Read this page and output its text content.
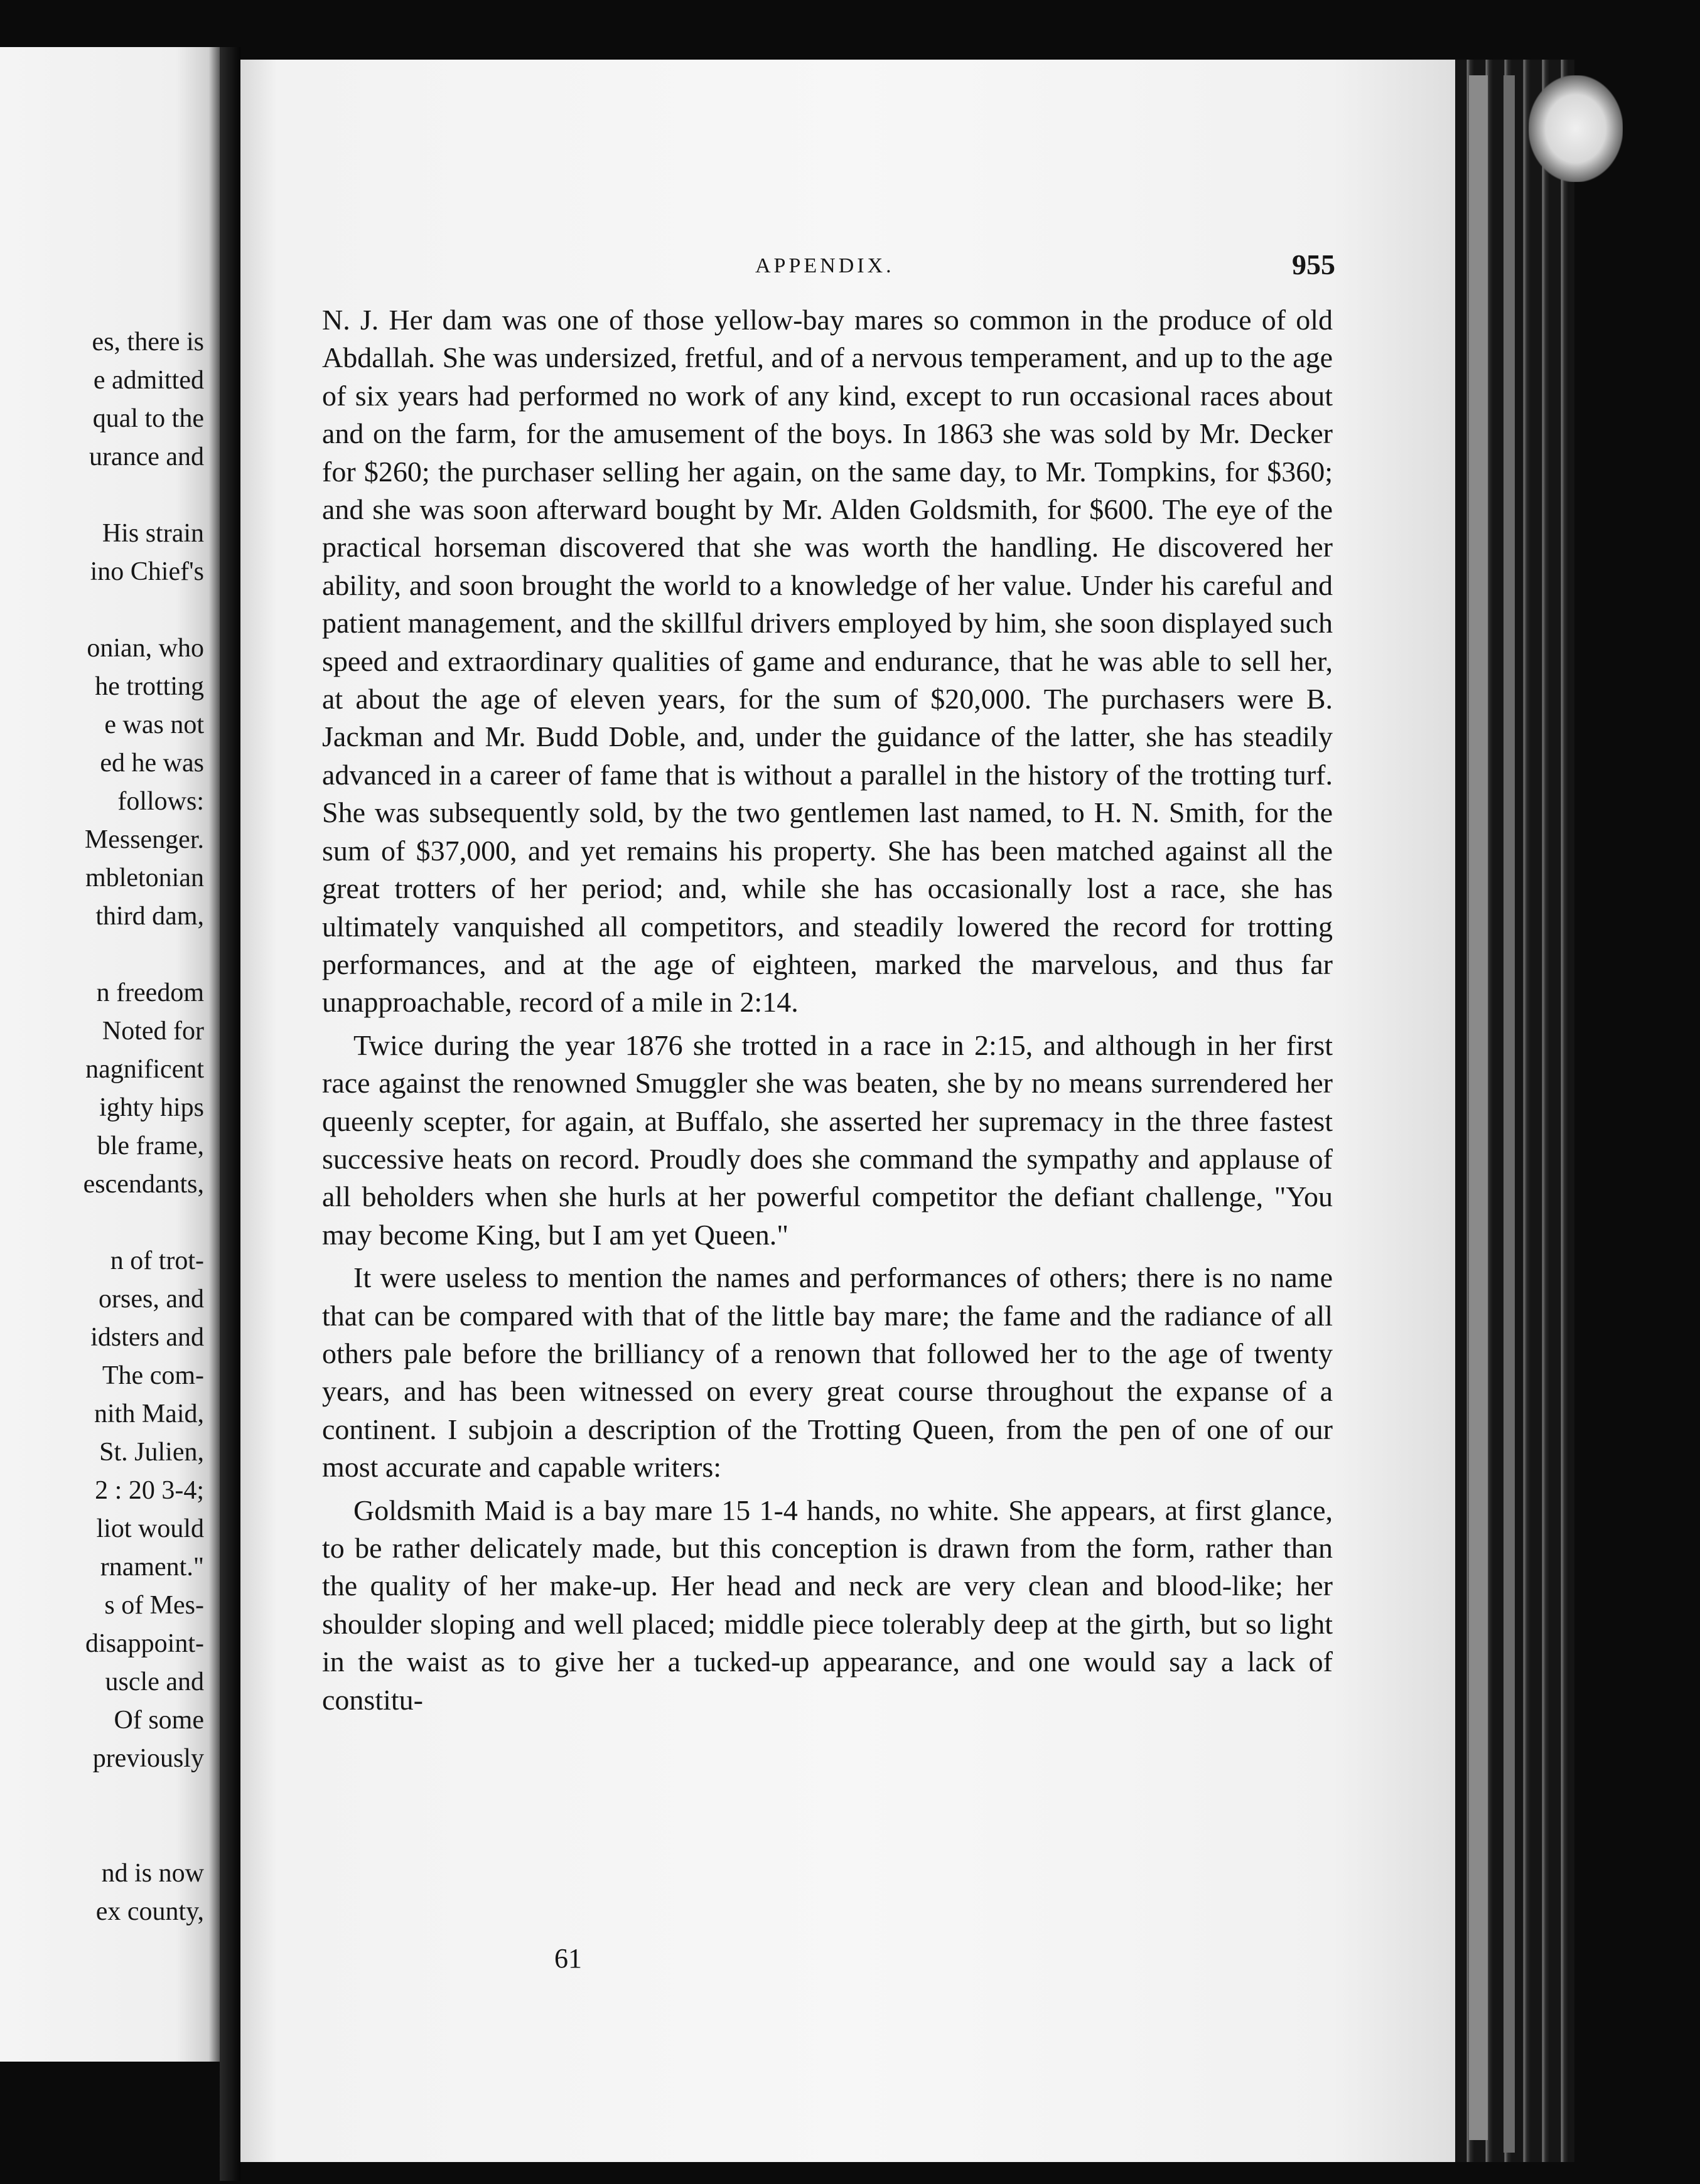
es, there is
e admitted
qual to the
urance and
His strain
ino Chief's
onian, who
he trotting
e was not
ed he was
follows:
Messenger.
mbletonian
third dam,
n freedom
Noted for
nagnificent
ighty hips
ble frame,
escendants,
n of trot-
orses, and
idsters and
The com-
nith Maid,
St. Julien,
2 : 20 3-4;
liot would
rnament."
s of Mes-
disappoint-
uscle and
Of some
previously
nd is now
ex county,
APPENDIX.	955

N. J. Her dam was one of those yellow-bay mares so common in the produce of old Abdallah. She was undersized, fretful, and of a nervous temperament, and up to the age of six years had performed no work of any kind, except to run occasional races about and on the farm, for the amusement of the boys. In 1863 she was sold by Mr. Decker for $260; the purchaser selling her again, on the same day, to Mr. Tompkins, for $360; and she was soon afterward bought by Mr. Alden Goldsmith, for $600. The eye of the practical horseman discovered that she was worth the handling. He discovered her ability, and soon brought the world to a knowledge of her value. Under his careful and patient management, and the skillful drivers employed by him, she soon displayed such speed and extraordinary qualities of game and endurance, that he was able to sell her, at about the age of eleven years, for the sum of $20,000. The purchasers were B. Jackman and Mr. Budd Doble, and, under the guidance of the latter, she has steadily advanced in a career of fame that is without a parallel in the history of the trotting turf. She was subsequently sold, by the two gentlemen last named, to H. N. Smith, for the sum of $37,000, and yet remains his property. She has been matched against all the great trotters of her period; and, while she has occasionally lost a race, she has ultimately vanquished all competitors, and steadily lowered the record for trotting performances, and at the age of eighteen, marked the marvelous, and thus far unapproachable, record of a mile in 2:14.

Twice during the year 1876 she trotted in a race in 2:15, and although in her first race against the renowned Smuggler she was beaten, she by no means surrendered her queenly scepter, for again, at Buffalo, she asserted her supremacy in the three fastest successive heats on record. Proudly does she command the sympathy and applause of all beholders when she hurls at her powerful competitor the defiant challenge, "You may become King, but I am yet Queen."

It were useless to mention the names and performances of others; there is no name that can be compared with that of the little bay mare; the fame and the radiance of all others pale before the brilliancy of a renown that followed her to the age of twenty years, and has been witnessed on every great course throughout the expanse of a continent. I subjoin a description of the Trotting Queen, from the pen of one of our most accurate and capable writers:

Goldsmith Maid is a bay mare 15 1-4 hands, no white. She appears, at first glance, to be rather delicately made, but this conception is drawn from the form, rather than the quality of her make-up. Her head and neck are very clean and blood-like; her shoulder sloping and well placed; middle piece tolerably deep at the girth, but so light in the waist as to give her a tucked-up appearance, and one would say a lack of constitu-

61
